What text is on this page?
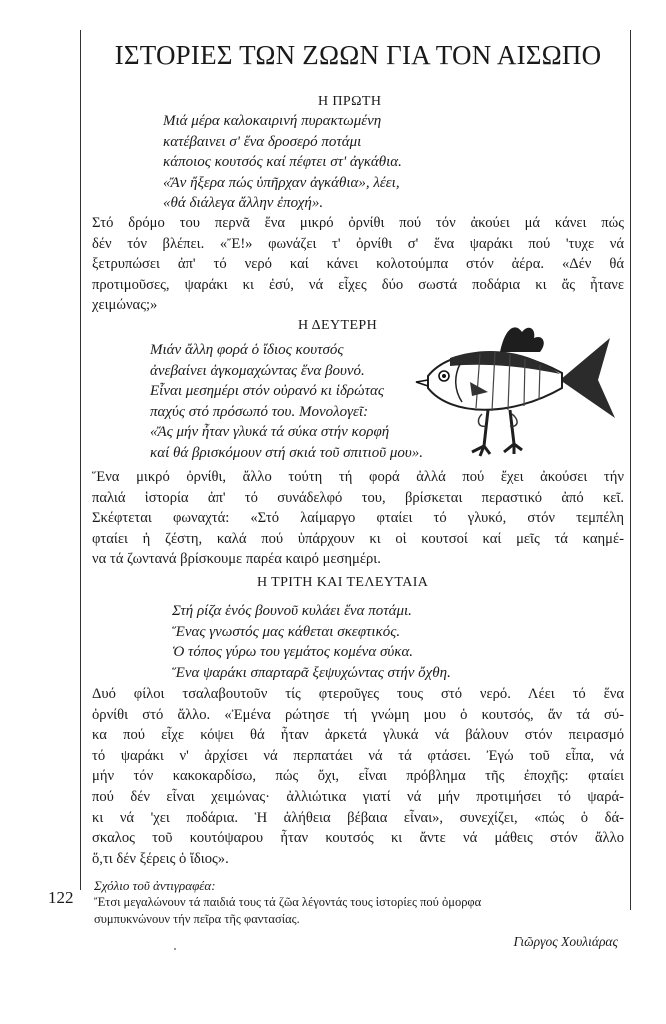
ΙΣΤΟΡΙΕΣ ΤΩΝ ΖΩΩΝ ΓΙΑ ΤΟΝ ΑΙΣΩΠΟ
Η ΠΡΩΤΗ
Μιά μέρα καλοκαιρινή πυρακτωμένη
κατέβαινει σ' ἕνα δροσερό ποτάμι
κάποιος κουτσός καί πέφτει στ' ἀγκάθια.
«Ἄν ἤξερα πώς ὑπῆρχαν ἀγκάθια», λέει,
«θά διάλεγα ἄλλην ἐποχή».
Στό δρόμο του περνᾶ ἕνα μικρό ὀρνίθι πού τόν ἀκούει μά κάνει πώς
δέν τόν βλέπει. «Ἔ!» φωνάζει τ' ὀρνίθι σ' ἕνα ψαράκι πού 'τυχε νά
ξετρυπώσει ἀπ' τό νερό καί κάνει κολοτούμπα στόν ἀέρα. «Δέν θά
προτιμοῦσες, ψαράκι κι ἐσύ, νά εἶχες δύο σωστά ποδάρια κι ἄς ἦτανε
χειμώνας;»
Η ΔΕΥΤΕΡΗ
Μιάν ἄλλη φορά ὁ ἴδιος κουτσός
ἀνεβαίνει ἀγκομαχώντας ἕνα βουνό.
Εἶναι μεσημέρι στόν οὐρανό κι ἱδρώτας
παχύς στό πρόσωπό του. Μονολογεῖ:
«Ἄς μήν ἦταν γλυκά τά σύκα στήν κορφή
καί θά βρισκόμουν στή σκιά τοῦ σπιτιοῦ μου».
Ἕνα μικρό ὀρνίθι, ἄλλο τούτη τή φορά ἀλλά πού ἔχει ἀκούσει τήν
παλιά ἱστορία ἀπ' τό συνάδελφό του, βρίσκεται περαστικό ἀπό κεῖ.
Σκέφτεται φωναχτά: «Στό λαίμαργο φταίει τό γλυκό, στόν τεμπέλη
φταίει ἡ ζέστη, καλά πού ὑπάρχουν κι οἱ κουτσοί καί μεῖς τά καημέ-
να τά ζωντανά βρίσκουμε παρέα καιρό μεσημέρι.
Η ΤΡΙΤΗ ΚΑΙ ΤΕΛΕΥΤΑΙΑ
Στή ρίζα ἑνός βουνοῦ κυλάει ἕνα ποτάμι.
Ἕνας γνωστός μας κάθεται σκεφτικός.
Ὁ τόπος γύρω του γεμάτος κομένα σύκα.
Ἕνα ψαράκι σπαρταρᾶ ξεψυχώντας στήν ὄχθη.
Δυό φίλοι τσαλαβουτοῦν τίς φτεροῦγες τους στό νερό. Λέει τό ἕνα
ὀρνίθι στό ἄλλο. «Ἐμένα ρώτησε τή γνώμη μου ὁ κουτσός, ἄν τά σύ-
κα πού εἶχε κόψει θά ἦταν ἀρκετά γλυκά νά βάλουν στόν πειρασμό
τό ψαράκι ν' ἀρχίσει νά περπατάει νά τά φτάσει. Ἐγώ τοῦ εἶπα, νά
μήν τόν κακοκαρδίσω, πώς ὄχι, εἶναι πρόβλημα τῆς ἐποχῆς: φταίει
πού δέν εἶναι χειμώνας· ἀλλιώτικα γιατί νά μήν προτιμήσει τό ψαρά-
κι νά 'χει ποδάρια. Ἡ ἀλήθεια βέβαια εἶναι», συνεχίζει, «πώς ὁ δά-
σκαλος τοῦ κουτόψαρου ἦταν κουτσός κι ἄντε νά μάθεις στόν ἄλλο
ὅ,τι δέν ξέρεις ὁ ἴδιος».
122
Σχόλιο τοῦ ἀντιγραφέα:
Ἔτσι μεγαλώνουν τά παιδιά τους τά ζῶα λέγοντάς τους ἱστορίες πού ὀμορφα
συμπυκνώνουν τήν πεῖρα τῆς φαντασίας.
Γιῶργος Χουλιάρας
